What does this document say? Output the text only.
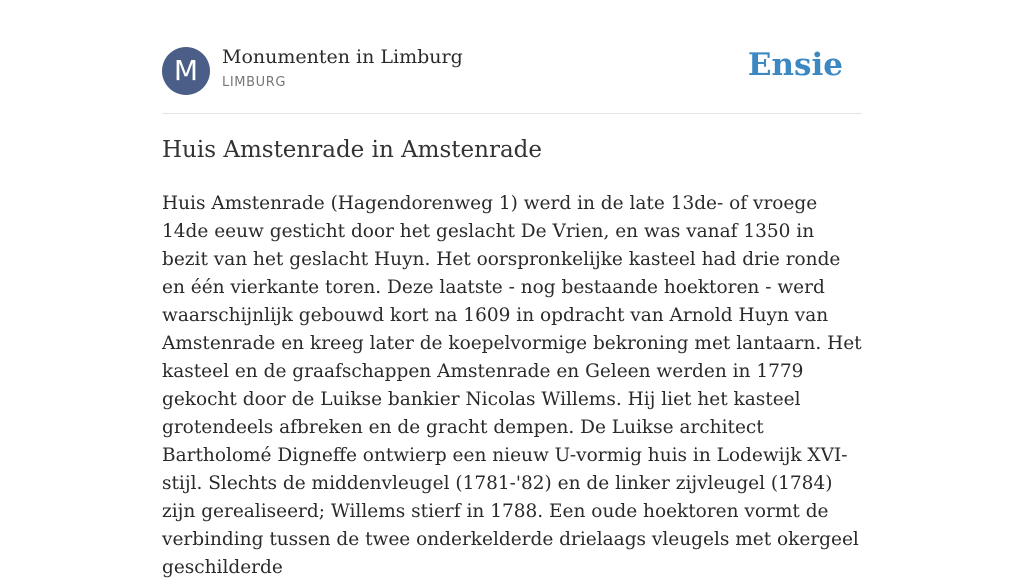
M	Monumenten in Limburg
LIMBURG	Ensie
Huis Amstenrade in Amstenrade

Huis Amstenrade (Hagendorenweg 1) werd in de late 13de- of vroege 14de eeuw gesticht door het geslacht De Vrien, en was vanaf 1350 in bezit van het geslacht Huyn. Het oorspronkelijke kasteel had drie ronde en één vierkante toren. Deze laatste - nog bestaande hoektoren - werd waarschijnlijk gebouwd kort na 1609 in opdracht van Arnold Huyn van Amstenrade en kreeg later de koepelvormige bekroning met lantaarn. Het kasteel en de graafschappen Amstenrade en Geleen werden in 1779 gekocht door de Luikse bankier Nicolas Willems. Hij liet het kasteel grotendeels afbreken en de gracht dempen. De Luikse architect Bartholomé Digneffe ontwierp een nieuw U-vormig huis in Lodewijk XVI-stijl. Slechts de middenvleugel (1781-'82) en de linker zijvleugel (1784) zijn gerealiseerd; Willems stierf in 1788. Een oude hoektoren vormt de verbinding tussen de twee onderkelderde drielaags vleugels met okergeel geschilderde
